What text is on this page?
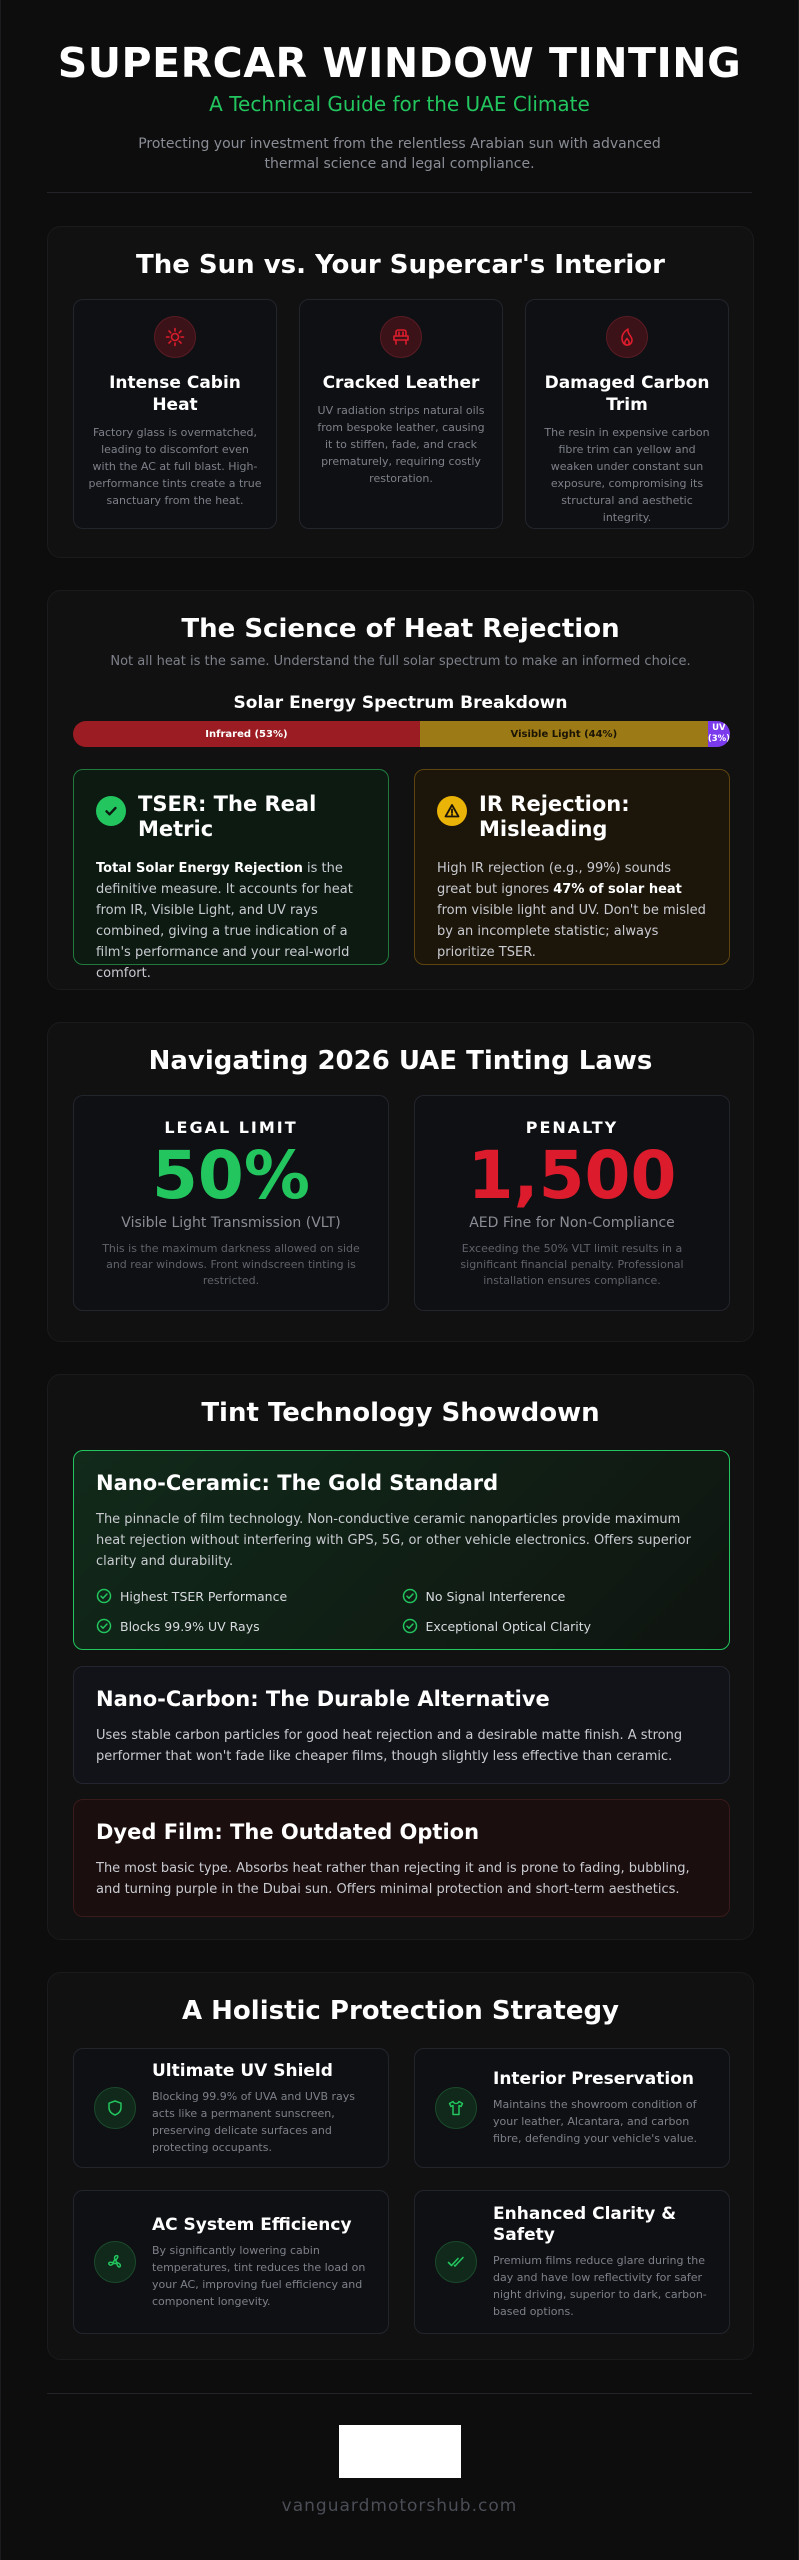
SUPERCAR WINDOW TINTING
A Technical Guide for the UAE Climate

Protecting your investment from the relentless Arabian sun with advanced thermal science and legal compliance.

The Sun vs. Your Supercar's Interior
Intense Cabin Heat

Factory glass is overmatched, leading to discomfort even with the AC at full blast. High-performance tints create a true sanctuary from the heat.

Cracked Leather

UV radiation strips natural oils from bespoke leather, causing it to stiffen, fade, and crack prematurely, requiring costly restoration.

Damaged Carbon Trim

The resin in expensive carbon fibre trim can yellow and weaken under constant sun exposure, compromising its structural and aesthetic integrity.

The Science of Heat Rejection
Not all heat is the same. Understand the full solar spectrum to make an informed choice.
Solar Energy Spectrum Breakdown
Infrared (53%)	Visible Light (44%)
UV (3%)
TSER: The Real Metric

Total Solar Energy Rejection is the definitive measure. It accounts for heat from IR, Visible Light, and UV rays combined, giving a true indication of a film's performance and your real-world comfort.

IR Rejection: Misleading

High IR rejection (e.g., 99%) sounds great but ignores 47% of solar heat from visible light and UV. Don't be misled by an incomplete statistic; always prioritize TSER.

Navigating 2026 UAE Tinting Laws
LEGAL LIMIT
50%
Visible Light Transmission (VLT)
This is the maximum darkness allowed on side and rear windows. Front windscreen tinting is restricted.
PENALTY
1,500
AED Fine for Non-Compliance
Exceeding the 50% VLT limit results in a significant financial penalty. Professional installation ensures compliance.
Tint Technology Showdown
Nano-Ceramic: The Gold Standard

The pinnacle of film technology. Non-conductive ceramic nanoparticles provide maximum heat rejection without interfering with GPS, 5G, or other vehicle electronics. Offers superior clarity and durability.

Highest TSER Performance	No Signal Interference
Blocks 99.9% UV Rays	Exceptional Optical Clarity
Nano-Carbon: The Durable Alternative

Uses stable carbon particles for good heat rejection and a desirable matte finish. A strong performer that won't fade like cheaper films, though slightly less effective than ceramic.

Dyed Film: The Outdated Option

The most basic type. Absorbs heat rather than rejecting it and is prone to fading, bubbling, and turning purple in the Dubai sun. Offers minimal protection and short-term aesthetics.

A Holistic Protection Strategy
Ultimate UV Shield

Blocking 99.9% of UVA and UVB rays acts like a permanent sunscreen, preserving delicate surfaces and protecting occupants.

Interior Preservation

Maintains the showroom condition of your leather, Alcantara, and carbon fibre, defending your vehicle's value.

AC System Efficiency

By significantly lowering cabin temperatures, tint reduces the load on your AC, improving fuel efficiency and component longevity.

Enhanced Clarity & Safety

Premium films reduce glare during the day and have low reflectivity for safer night driving, superior to dark, carbon-based options.

vanguardmotorshub.com
